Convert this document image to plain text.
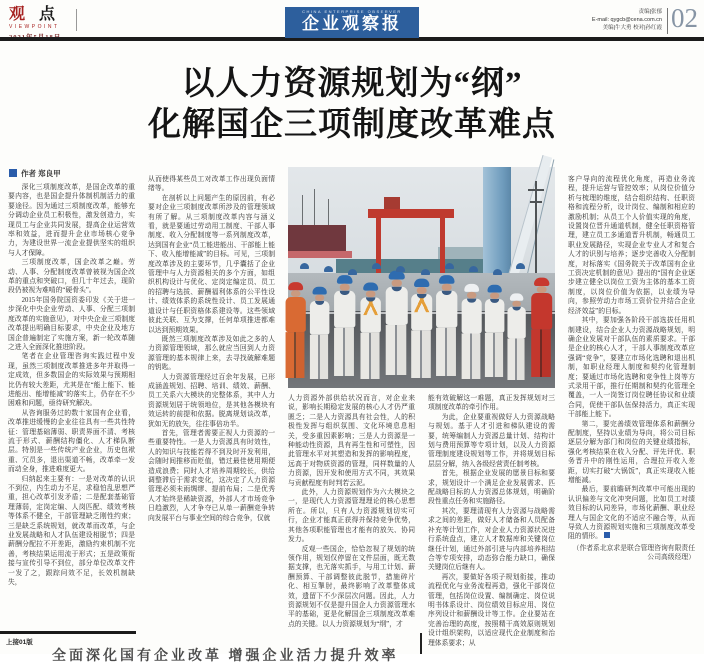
观点
VIEWPOINT
CHINA ENTERPRISE OBSERVER
企业观察报
责编|张郁
E-mail: qygcb@cena.com.cn
美编|牛大勇 校对|孙红霞 02
以人力资源规划为“纲”
化解国企三项制度改革难点
作者 郑良甲

深化三项制度改革，是国企改革的重要内容，也是国企提升体制机制活力的重要途径。因为通过三项制度改革，能够充分调动企业员工积极性，激发创造力，实现员工与企业共同发展，提高企业运营效率和效益，进而提升企业市场核心竞争力，为建设世界一流企业提供坚实的组织与人才保障。

三项制度改革，国企改革之巅。劳动、人事、分配制度改革曾被视为国企改革的重点和突破口，但几十年过去，现阶段仍被视为难啃的“硬骨头”。

2015年国务院国资委印发《关于进一步深化中央企业劳动、人事、分配三项制度改革的实施意见》，对中央企业三项制度改革提出明确目标要求，中央企业及地方国企普遍制定了实施方案，新一轮改革随之进入全面深化推进阶段。

笔者在企业管理咨询实践过程中发现，虽然三项制度改革推进多年并取得一定成效，但多数国企的实际效果与预期相比仍有较大差距，尤其是在“能上能下、能进能出、能增能减”的落实上，仍存在不少困难和问题，亟待研究解决。

从咨询服务过的数十家国有企业看，改革推进缓慢的企业往往具有一些共性特征：管理基础薄弱、职责界面不清、考核流于形式、薪酬结构僵化、人才梯队断层。特别是一些传统产业企业，历史包袱重、冗员多，退出渠道不畅，改革牵一发而动全身，推进难度更大。

归纳起来主要有：一是对改革的认识不到位，内生动力不足，求稳怕乱思想严重，担心改革引发矛盾；二是配套基础管理薄弱，定岗定编、人岗匹配、绩效考核等体系不健全，干部管理缺乏刚性约束；三是缺乏系统规划，就改革而改革，与企业发展战略和人才队伍建设相脱节；四是薪酬分配拉不开差距，激励约束机制不完善，考核结果运用流于形式；五是政策衔接与宣传引导不到位，部分单位改革文件一发了之，跟踪问效不足，长效机制缺失，

从而使得某些员工对改革工作出现负面情绪等。

在剖析以上问题产生的原因前，有必要对企业三项制度改革所涉及的管理领域有所了解。从三项制度改革内容与涵义看，就是要通过劳动用工制度、干部人事制度、收入分配制度等一系列制度改革，达到国有企业“员工能进能出、干部能上能下、收入能增能减”的目标。可见，三项制度改革涉及的主要环节，几乎囊括了企业管理中与人力资源相关的多个方面，如组织机构设计与优化、定岗定编定员、员工的招聘与选拔、薪酬福利体系的公平性设计、绩效体系的系统性设计、员工发展通道设计与任职资格体系建设等。这些领域彼此关联、互为支撑，任何单项推进都难以达到预期效果。

既然三项制度改革涉及如此之多的人力资源管理领域，那么就应当回到人力资源管理的基本规律上来，去寻找破解难题的钥匙。

人力资源管理经过百余年发展，已形成涵盖规划、招聘、培训、绩效、薪酬、员工关系六大模块的完整体系，其中人力资源规划居于统领地位，是其他各模块有效运转的前提和依据。脱离规划谈改革，犹如无的放矢，往往事倍功半。

首先，管理者需要正视人力资源的一些重要特性。一是人力资源具有时效性，人的知识与技能若得不到及时开发利用，会随时间推移而贬值，错过最佳使用期便造成浪费；同时人才培养周期较长，供给调整滞后于需求变化，这决定了人力资源管理必须未雨绸缪、提前布局；二是优秀人才始终是稀缺资源，外部人才市场竞争日趋激烈，人才争夺已从单一薪酬竞争转向发展平台与事业空间的综合竞争，仅就

人力资源外部供给状况而言，对企业来说，影响长期稳定发展的核心人才仍严重匮乏；二是人力资源具有社会性，人的积极性发挥与组织氛围、文化环境息息相关，受多重因素影响；三是人力资源是一种能动性资源，具有再生性和可塑性，因此管理水平对其塑造和发挥的影响程度，远高于对物质资源的管理，同样数量的人力资源，因开发和使用方式不同，其效果与贡献程度有时判若云泥。

此外，人力资源规划作为六大模块之一，是现代人力资源管理理论的核心思想所在。所以，只有人力资源规划切实可行，企业才能真正获得并保持竞争优势，其他各项职能管理也才能有的放矢、协同发力。

反观一些国企，恰恰忽视了规划的统领作用，规划仅停留在文件层面，既无数据支撑，也无落实抓手，与用工计划、薪酬预算、干部调整彼此脱节，措施碎片化、相互掣肘，最终影响了改革整体成效，遗留下不少深层次问题。因此，人力资源规划不仅是提升国企人力资源管理水平的基础，更是化解国企三项制度改革难点的关键。以人力资源规划为“纲”，才

能有效破解这一难题，真正发挥规划对三项制度改革的牵引作用。

为此，企业要重视做好人力资源战略与规划。基于人才引进和梯队建设的需要，统筹编制人力资源总量计划、结构计划与费用预算等专项计划，以及人力资源管理制度建设规划等工作，并将规划目标层层分解，纳入各级经营责任制考核。

首先，根据企业发展的愿景目标和要求，规划设计一个满足企业发展需求、匹配战略目标的人力资源总体规划，明确阶段性重点任务和实施路径。

其次，要理清现有人力资源与战略需求之间的差距，做好人才储备和人员配备补充等计划工作，对企业人力资源状况进行系统盘点，建立人才数据库和关键岗位继任计划，通过外部引进与内部培养相结合等专项安排，动态弥合能力缺口，确保关键岗位后继有人。

再次，要做好各项子规划衔接，推动流程优化与业务流程再造，强化干部岗位管理，包括岗位设置、编制确定、岗位说明书体系设计、岗位绩效目标应用、岗位序列设计和薪酬设计等工作。企业要站在完善治理的高度，按照精干高效原则规划设计组织架构，以适应现代企业制度和治理体系要求；从

客户导向的流程优化角度，再造业务流程，提升运营与管控效率；从岗位价值分析与梳理的维度，结合组织结构、任职资格和流程分析，设计岗位、编制和相应的激励机制；从员工个人价值实现的角度，设置岗位晋升通道机制，健全任职资格管理，建立员工多通道晋升机制，畅通员工职业发展路径，实现企业专业人才和复合人才的识别与培养；逐步完善收入分配制度，对标落实《国务院关于改革国有企业工资决定机制的意见》提出的“国有企业逐步建立健全以岗位工资为主体的基本工资制度，以岗位价值为依据，以业绩为导向，参照劳动力市场工资价位并结合企业经济效益”的目标。

其中，要加强各阶段干部选拔任用机制建设，结合企业人力资源战略规划，明确企业发展对干部队伍的素质要求。干部是企业的核心人才，干部人事制度改革应强调“竞争”，要建立市场化选聘和退出机制，如职业经理人制度和契约化管理制度；要通过市场化选聘和竞争性上岗等方式录用干部，推行任期制和契约化管理全覆盖，一人一岗签订岗位聘任协议和业绩合同，促使干部队伍保持活力，真正实现干部能上能下。

第二，要完善绩效管理体系和薪酬分配制度，坚持以业绩为导向，将公司目标逐层分解为部门和岗位的关键业绩指标，强化考核结果在收入分配、评先评优、职务晋升中的刚性运用，合理拉开收入差距，切实打破“大锅饭”，真正实现收入能增能减。

最后，要前瞻研判改革中可能出现的认识偏差与文化冲突问题，比如员工对绩效目标的认同差异，市场化薪酬、职业经理人与国企文化的不适应不融合等，从而导致人力资源规划实施和三项制度改革受阻的情形。

（作者系北京求是联合管理咨询有限责任公司高级经理）

上接01版
全面深化国有企业改革 增强企业活力提升效率
